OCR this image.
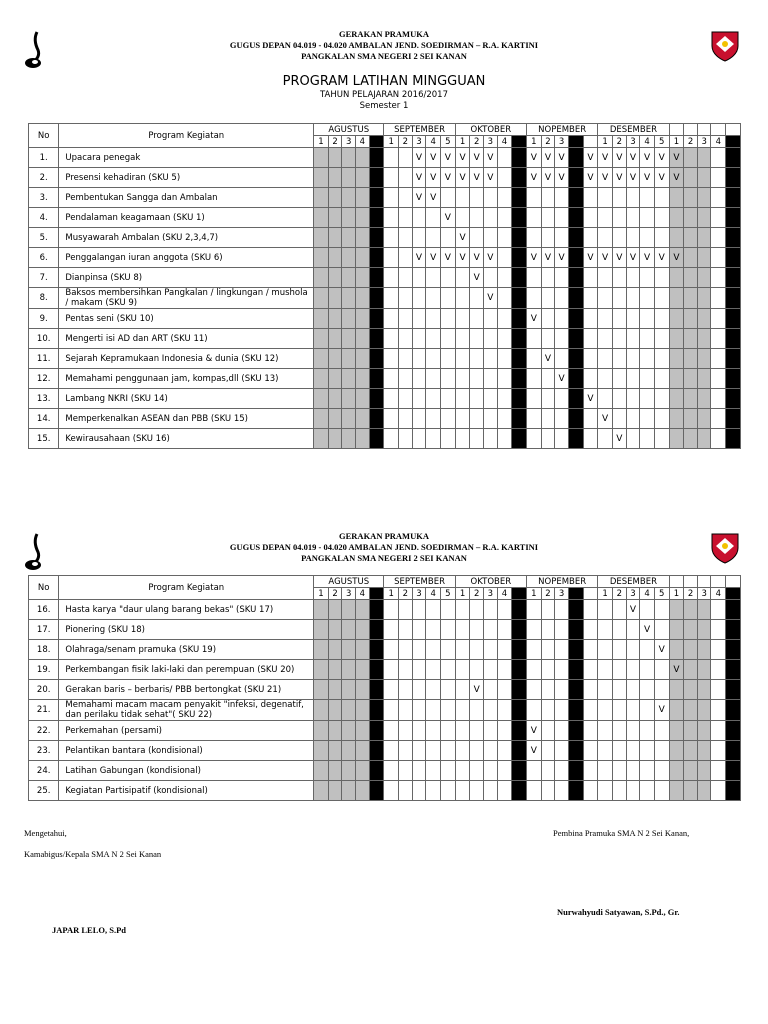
GERAKAN PRAMUKA
GUGUS DEPAN 04.019 - 04.020 AMBALAN JEND. SOEDIRMAN – R.A. KARTINI
PANGKALAN SMA NEGERI 2 SEI KANAN
PROGRAM LATIHAN MINGGUAN
TAHUN PELAJARAN 2016/2017
Semester 1
No	Program Kegiatan	AGUSTUS					SEPTEMBER					OKTOBER					NOPEMBER					DESEMBER									
		1	2	3	4		1	2	3	4	5	1	2	3	4		1	2	3	4		1	2	3	4	5	1	2	3	4	
1.	Upacara penegak								V	V	V	V	V	V		V	V	V	V		V	V	V	V	V	V	V				
2.	Presensi kehadiran (SKU 5)								V	V	V	V	V	V		V	V	V	V		V	V	V	V	V	V	V				
3.	Pembentukan Sangga dan Ambalan								V	V																					
4.	Pendalaman keagamaan (SKU 1)										V																				
5.	Musyawarah Ambalan (SKU 2,3,4,7)											V																			
6.	Penggalangan iuran anggota (SKU 6)								V	V	V	V	V	V		V	V	V	V		V	V	V	V	V	V	V				
7.	Dianpinsa (SKU 8)												V																		
8.	Baksos membersihkan Pangkalan / lingkungan / mushola / makam (SKU 9)													V																	
9.	Pentas seni (SKU 10)																V														
10.	Mengerti isi AD dan ART (SKU 11)															V															
11.	Sejarah Kepramukaan Indonesia & dunia (SKU 12)																	V													
12.	Memahami penggunaan jam, kompas,dll (SKU 13)																		V												
13.	Lambang NKRI (SKU 14)																				V										
14.	Memperkenalkan ASEAN dan PBB (SKU 15)																					V									
15.	Kewirausahaan (SKU 16)																						V								
GERAKAN PRAMUKA
GUGUS DEPAN 04.019 - 04.020 AMBALAN JEND. SOEDIRMAN – R.A. KARTINI
PANGKALAN SMA NEGERI 2 SEI KANAN
No	Program Kegiatan	AGUSTUS					SEPTEMBER					OKTOBER					NOPEMBER					DESEMBER									
		1	2	3	4		1	2	3	4	5	1	2	3	4		1	2	3	4		1	2	3	4	5	1	2	3	4	
16.	Hasta karya "daur ulang barang bekas" (SKU 17)																							V							
17.	Pionering (SKU 18)																								V						
18.	Olahraga/senam pramuka (SKU 19)																									V					
19.	Perkembangan fisik laki-laki dan perempuan (SKU 20)																										V				
20.	Gerakan baris – berbaris/ PBB bertongkat (SKU 21)												V																		
21.	Memahami macam macam penyakit "infeksi, degenatif, dan perilaku tidak sehat"( SKU 22)																									V					
22.	Perkemahan (persami)																V														
23.	Pelantikan bantara (kondisional)																V														
24.	Latihan Gabungan (kondisional)																														
25.	Kegiatan Partisipatif (kondisional)																														
Mengetahui,
Kamabigus/Kepala SMA N 2 Sei Kanan
JAPAR LELO, S.Pd
Pembina Pramuka SMA N 2 Sei Kanan,
Nurwahyudi Satyawan, S.Pd., Gr.
